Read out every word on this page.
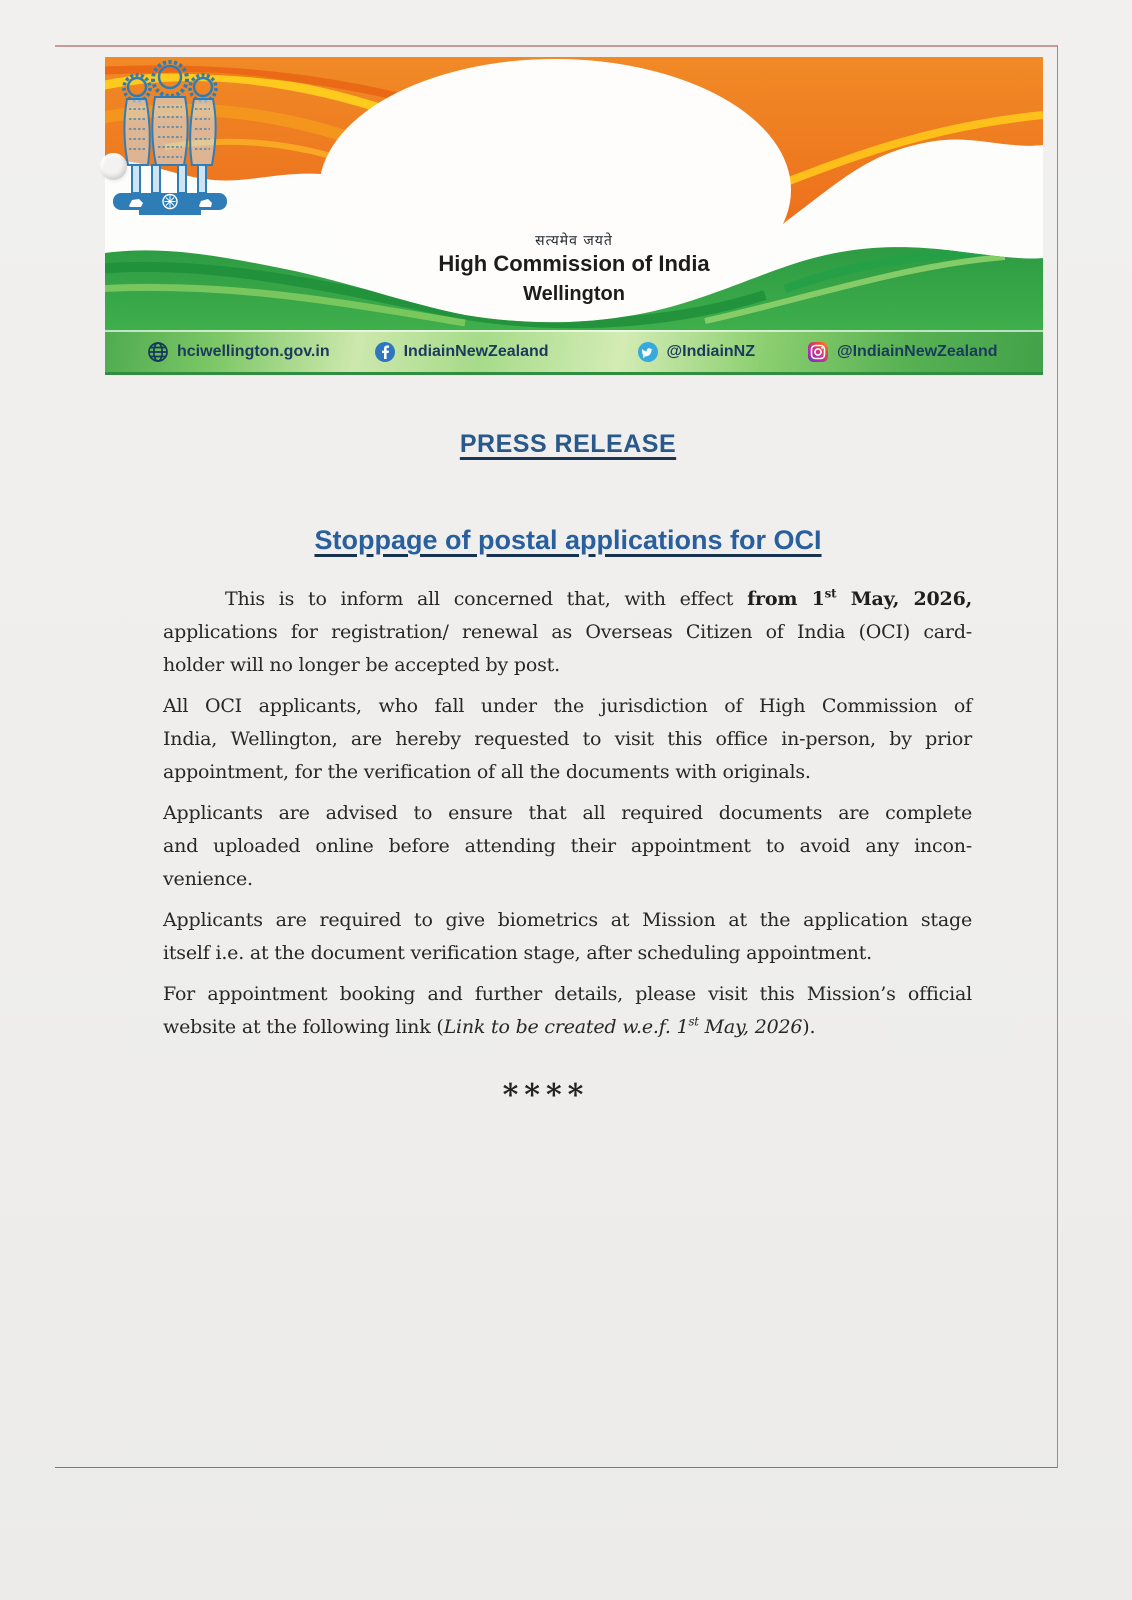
सत्यमेव जयते
High Commission of India
Wellington
hciwellington.gov.in	IndiainNewZealand	@IndiainNZ	@IndiainNewZealand
PRESS RELEASE
Stoppage of postal applications for OCI
This is to inform all concerned that, with effect from 1st May, 2026,
applications for registration/ renewal as Overseas Citizen of India (OCI) card-
holder will no longer be accepted by post.
All OCI applicants, who fall under the jurisdiction of High Commission of
India, Wellington, are hereby requested to visit this office in-person, by prior
appointment, for the verification of all the documents with originals.
Applicants are advised to ensure that all required documents are complete
and uploaded online before attending their appointment to avoid any incon-
venience.
Applicants are required to give biometrics at Mission at the application stage
itself i.e. at the document verification stage, after scheduling appointment.
For appointment booking and further details, please visit this Mission’s official
website at the following link (Link to be created w.e.f. 1st May, 2026).
****
